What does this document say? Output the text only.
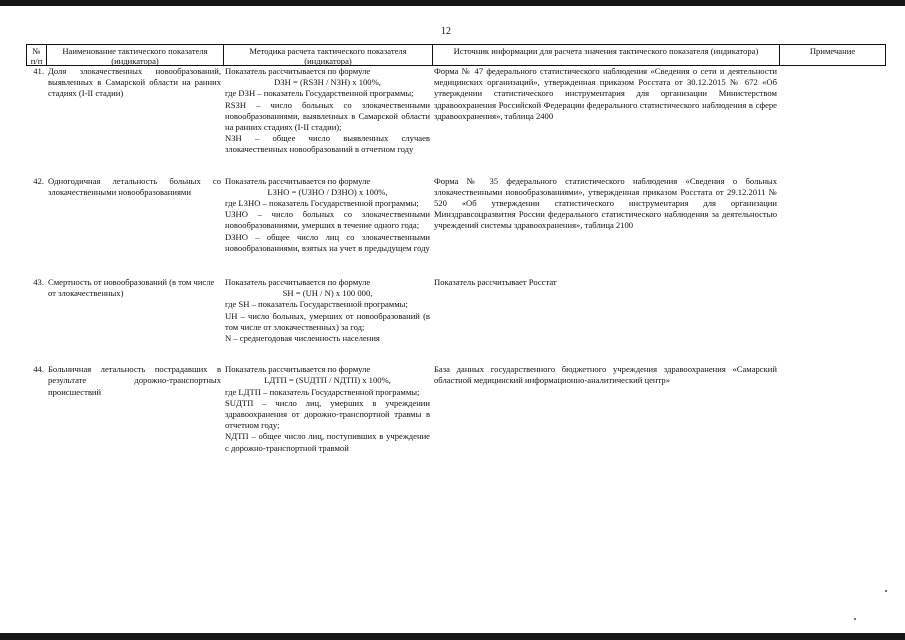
12
№ п/п
Наименование тактического показателя (индикатора)
Методика расчета тактического показателя (индикатора)
Источник информации для расчета значения тактического показателя (индикатора)	Примечание
41. Доля злокачественных новообразований, выявленных в Самарской области на ранних стадиях (I-II стадии)
Показатель рассчитывается по формуле
DЗН = (RSЗН / NЗН) x 100%,
где DЗН – показатель Государственной программы;
RSЗН – число больных со злокачественными новообразованиями, выявленных в Самарской области на ранних стадиях (I-II стадии);
NЗН – общее число выявленных случаев злокачественных новообразований в отчетном году
Форма № 47 федерального статистического наблюдения «Сведения о сети и деятельности медицинских организаций», утвержденная приказом Росстата от 30.12.2015 № 672 «Об утверждении статистического инструментария для организации Министерством здравоохранения Российской Федерации федерального статистического наблюдения в сфере здравоохранения», таблица 2400
42. Одногодичная летальность больных со злокачественными новообразованиями
Показатель рассчитывается по формуле
LЗНО = (UЗНО / DЗНО) x 100%,
где LЗНО – показатель Государственной программы;
UЗНО – число больных со злокачественными новообразованиями, умерших в течение одного года;
DЗНО – общее число лиц со злокачественными новообразованиями, взятых на учет в предыдущем году
Форма № 35 федерального статистического наблюдения «Сведения о больных злокачественными новообразованиями», утвержденная приказом Росстата от 29.12.2011 № 520 «Об утверждении статистического инструментария для организации Минздравсоцразвития России федерального статистического наблюдения за деятельностью учреждений системы здравоохранения», таблица 2100
43. Смертность от новообразований (в том числе от злокачественных)
Показатель рассчитывается по формуле
SН = (UН / N) x 100 000,
где SН – показатель Государственной программы;
UН – число больных, умерших от новообразований (в том числе от злокачественных) за год;
N – среднегодовая численность населения
Показатель рассчитывает Росстат
44. Больничная летальность пострадавших в результате дорожно-транспортных происшествий
Показатель рассчитывается по формуле
LДТП = (SUДТП / NДТП) x 100%,
где LДТП – показатель Государственной программы;
SUДТП – число лиц, умерших в учреждении здравоохранения от дорожно-транспортной травмы в отчетном году;
NДТП – общее число лиц, поступивших в учреждение с дорожно-транспортной травмой
База данных государственного бюджетного учреждения здравоохранения «Самарский областной медицинский информационно-аналитический центр»
